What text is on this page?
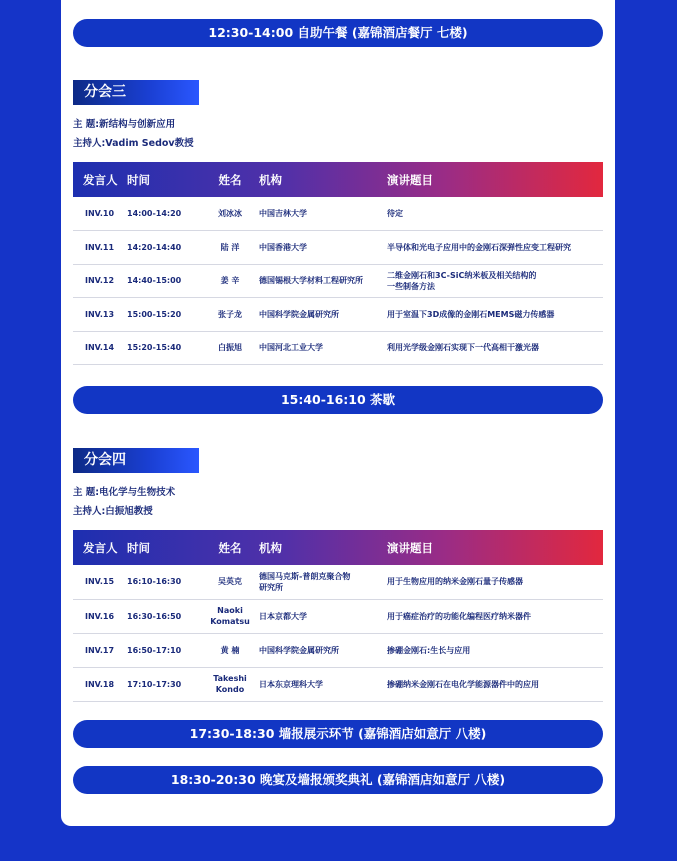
12:30-14:00 自助午餐 (嘉锦酒店餐厅 七楼)
分会三
主 题:新结构与创新应用
主持人:Vadim Sedov教授
发言人	时间	姓名	机构	演讲题目
INV.10	14:00-14:20	刘冰冰	中国吉林大学	待定
INV.11	14:20-14:40	陆 洋	中国香港大学	半导体和光电子应用中的金刚石深弹性应变工程研究
INV.12	14:40-15:00	姜 辛	德国锡根大学材料工程研究所	二维金刚石和3C-SiC纳米板及相关结构的
一些制备方法
INV.13	15:00-15:20	张子龙	中国科学院金属研究所	用于室温下3D成像的金刚石MEMS磁力传感器
INV.14	15:20-15:40	白振旭	中国河北工业大学	利用光学级金刚石实现下一代高相干激光器
15:40-16:10 茶歇
分会四
主 题:电化学与生物技术
主持人:白振旭教授
发言人	时间	姓名	机构	演讲题目
INV.15	16:10-16:30	吴英克	德国马克斯-普朗克聚合物
研究所	用于生物应用的纳米金刚石量子传感器
INV.16	16:30-16:50	Naoki Komatsu	日本京都大学	用于癌症治疗的功能化编程医疗纳米器件
INV.17	16:50-17:10	黄 楠	中国科学院金属研究所	掺硼金刚石:生长与应用
INV.18	17:10-17:30	Takeshi Kondo	日本东京理科大学	掺硼纳米金刚石在电化学能源器件中的应用
17:30-18:30 墙报展示环节 (嘉锦酒店如意厅 八楼)
18:30-20:30 晚宴及墙报颁奖典礼 (嘉锦酒店如意厅 八楼)
